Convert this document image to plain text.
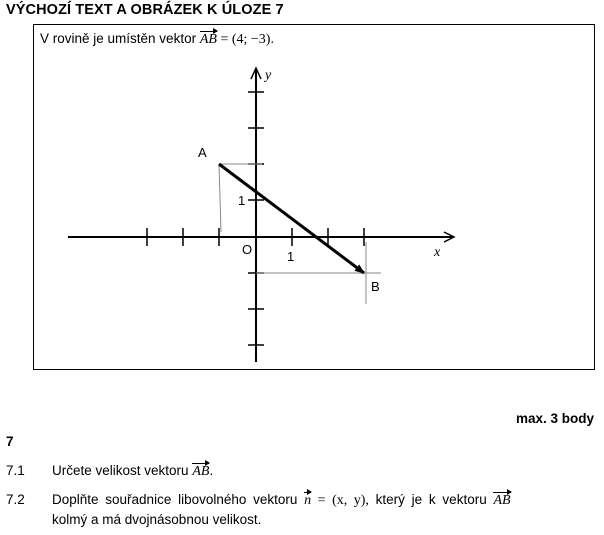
VÝCHOZÍ TEXT A OBRÁZEK K ÚLOZE 7
V rovině je umístěn vektor AB = (4; −3).
x
y
O	1
1
A
B
max. 3 body
7
7.1 Určete velikost vektoru AB.
7.2 Doplňte souřadnice libovolného vektoru n = (x, y), který je k vektoru AB
kolmý a má dvojnásobnou velikost.
